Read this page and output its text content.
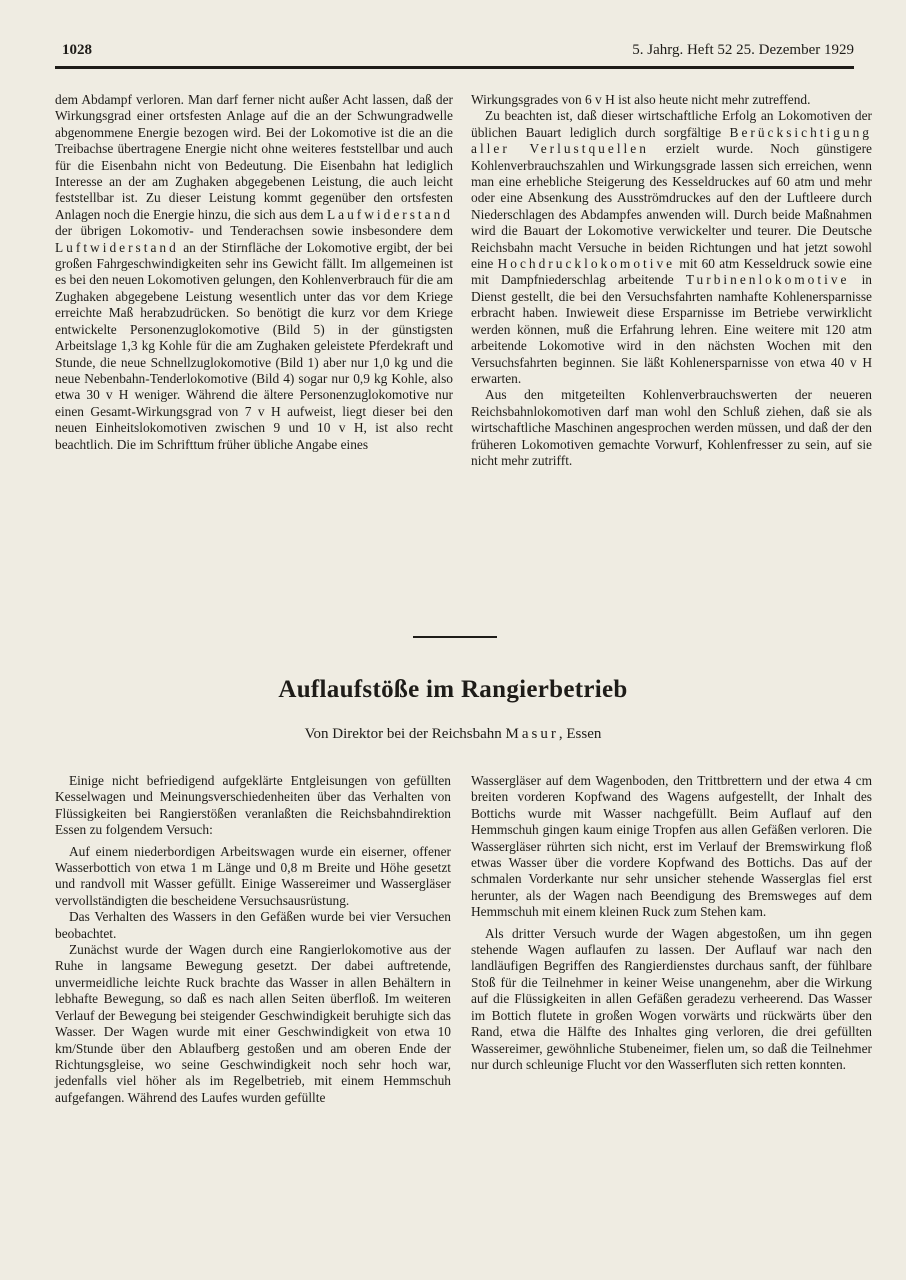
1028	5. Jahrg. Heft 52 25. Dezember 1929

dem Abdampf verloren. Man darf ferner nicht außer Acht lassen, daß der Wirkungsgrad einer ortsfesten Anlage auf die an der Schwungradwelle abgenommene Energie bezogen wird. Bei der Lokomotive ist die an die Treibachse übertragene Energie nicht ohne weiteres feststellbar und auch für die Eisenbahn nicht von Bedeutung. Die Eisenbahn hat lediglich Interesse an der am Zughaken abgegebenen Leistung, die auch leicht feststellbar ist. Zu dieser Leistung kommt gegenüber den ortsfesten Anlagen noch die Energie hinzu, die sich aus dem Laufwiderstand der übrigen Lokomotiv- und Tenderachsen sowie insbesondere dem Luftwiderstand an der Stirnfläche der Lokomotive ergibt, der bei großen Fahrgeschwindigkeiten sehr ins Gewicht fällt. Im allgemeinen ist es bei den neuen Lokomotiven gelungen, den Kohlenverbrauch für die am Zughaken abgegebene Leistung wesentlich unter das vor dem Kriege erreichte Maß herabzudrücken. So benötigt die kurz vor dem Kriege entwickelte Personenzuglokomotive (Bild 5) in der günstigsten Arbeitslage 1,3 kg Kohle für die am Zughaken geleistete Pferdekraft und Stunde, die neue Schnellzuglokomotive (Bild 1) aber nur 1,0 kg und die neue Nebenbahn-Tenderlokomotive (Bild 4) sogar nur 0,9 kg Kohle, also etwa 30 v H weniger. Während die ältere Personenzuglokomotive nur einen Gesamt-Wirkungsgrad von 7 v H aufweist, liegt dieser bei den neuen Einheitslokomotiven zwischen 9 und 10 v H, ist also recht beachtlich. Die im Schrifttum früher übliche Angabe eines

Wirkungsgrades von 6 v H ist also heute nicht mehr zutreffend.

Zu beachten ist, daß dieser wirtschaftliche Erfolg an Lokomotiven der üblichen Bauart lediglich durch sorgfältige Berücksichtigung aller Verlustquellen erzielt wurde. Noch günstigere Kohlenverbrauchszahlen und Wirkungsgrade lassen sich erreichen, wenn man eine erhebliche Steigerung des Kesseldruckes auf 60 atm und mehr oder eine Absenkung des Ausströmdruckes auf den der Luftleere durch Niederschlagen des Abdampfes anwenden will. Durch beide Maßnahmen wird die Bauart der Lokomotive verwickelter und teurer. Die Deutsche Reichsbahn macht Versuche in beiden Richtungen und hat jetzt sowohl eine Hochdrucklokomotive mit 60 atm Kesseldruck sowie eine mit Dampfniederschlag arbeitende Turbinenlokomotive in Dienst gestellt, die bei den Versuchsfahrten namhafte Kohlenersparnisse erbracht haben. Inwieweit diese Ersparnisse im Betriebe verwirklicht werden können, muß die Erfahrung lehren. Eine weitere mit 120 atm arbeitende Lokomotive wird in den nächsten Wochen mit den Versuchsfahrten beginnen. Sie läßt Kohlenersparnisse von etwa 40 v H erwarten.

Aus den mitgeteilten Kohlenverbrauchswerten der neueren Reichsbahnlokomotiven darf man wohl den Schluß ziehen, daß sie als wirtschaftliche Maschinen angesprochen werden müssen, und daß der den früheren Lokomotiven gemachte Vorwurf, Kohlenfresser zu sein, auf sie nicht mehr zutrifft.

Auflaufstöße im Rangierbetrieb
Von Direktor bei der Reichsbahn Masur, Essen

Einige nicht befriedigend aufgeklärte Entgleisungen von gefüllten Kesselwagen und Meinungsverschiedenheiten über das Verhalten von Flüssigkeiten bei Rangierstößen veranlaßten die Reichsbahndirektion Essen zu folgendem Versuch:

Auf einem niederbordigen Arbeitswagen wurde ein eiserner, offener Wasserbottich von etwa 1 m Länge und 0,8 m Breite und Höhe gesetzt und randvoll mit Wasser gefüllt. Einige Wassereimer und Wassergläser vervollständigten die bescheidene Versuchsausrüstung.

Das Verhalten des Wassers in den Gefäßen wurde bei vier Versuchen beobachtet.

Zunächst wurde der Wagen durch eine Rangierlokomotive aus der Ruhe in langsame Bewegung gesetzt. Der dabei auftretende, unvermeidliche leichte Ruck brachte das Wasser in allen Behältern in lebhafte Bewegung, so daß es nach allen Seiten überfloß. Im weiteren Verlauf der Bewegung bei steigender Geschwindigkeit beruhigte sich das Wasser. Der Wagen wurde mit einer Geschwindigkeit von etwa 10 km/Stunde über den Ablaufberg gestoßen und am oberen Ende der Richtungsgleise, wo seine Geschwindigkeit noch sehr hoch war, jedenfalls viel höher als im Regelbetrieb, mit einem Hemmschuh aufgefangen. Während des Laufes wurden gefüllte

Wassergläser auf dem Wagenboden, den Trittbrettern und der etwa 4 cm breiten vorderen Kopfwand des Wagens aufgestellt, der Inhalt des Bottichs wurde mit Wasser nachgefüllt. Beim Auflauf auf den Hemmschuh gingen kaum einige Tropfen aus allen Gefäßen verloren. Die Wassergläser rührten sich nicht, erst im Verlauf der Bremswirkung floß etwas Wasser über die vordere Kopfwand des Bottichs. Das auf der schmalen Vorderkante nur sehr unsicher stehende Wasserglas fiel erst herunter, als der Wagen nach Beendigung des Bremsweges auf dem Hemmschuh mit einem kleinen Ruck zum Stehen kam.

Als dritter Versuch wurde der Wagen abgestoßen, um ihn gegen stehende Wagen auflaufen zu lassen. Der Auflauf war nach den landläufigen Begriffen des Rangierdienstes durchaus sanft, der fühlbare Stoß für die Teilnehmer in keiner Weise unangenehm, aber die Wirkung auf die Flüssigkeiten in allen Gefäßen geradezu verheerend. Das Wasser im Bottich flutete in großen Wogen vorwärts und rückwärts über den Rand, etwa die Hälfte des Inhaltes ging verloren, die drei gefüllten Wassereimer, gewöhnliche Stubeneimer, fielen um, so daß die Teilnehmer nur durch schleunige Flucht vor den Wasserfluten sich retten konnten.
